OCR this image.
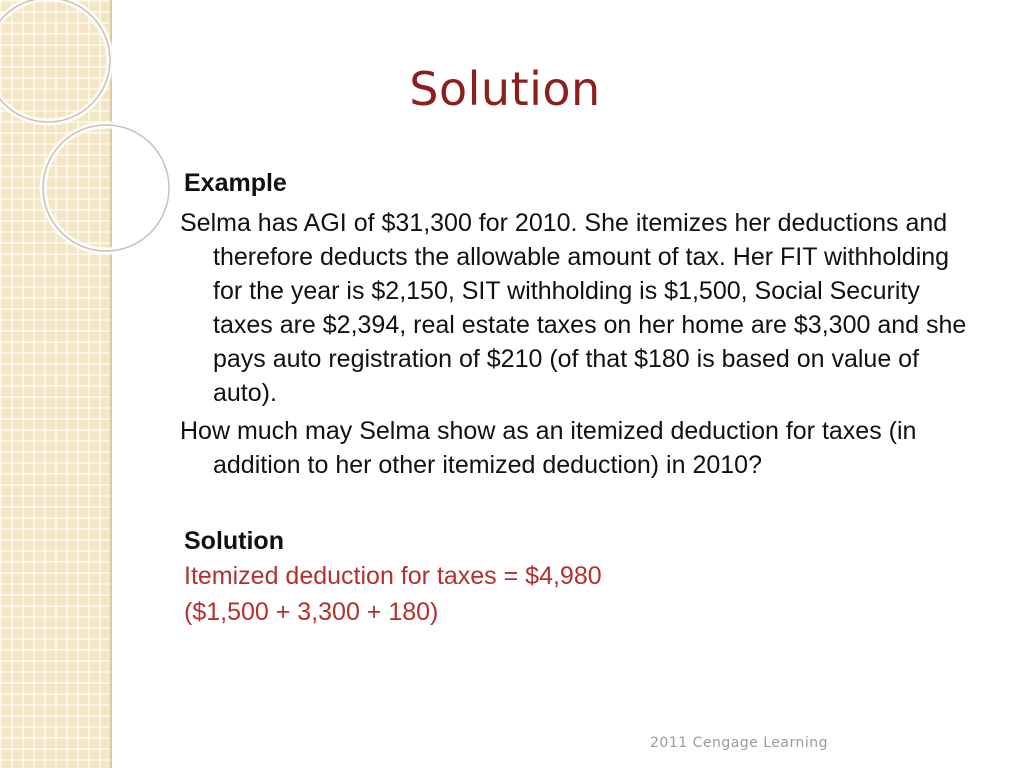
Solution
Example

Selma has AGI of $31,300 for 2010. She itemizes her deductions and therefore deducts the allowable amount of tax. Her FIT withholding for the year is $2,150, SIT withholding is $1,500, Social Security taxes are $2,394, real estate taxes on her home are $3,300 and she pays auto registration of $210 (of that $180 is based on value of auto).

How much may Selma show as an itemized deduction for taxes (in addition to her other itemized deduction) in 2010?

Solution
Itemized deduction for taxes = $4,980
($1,500 + 3,300 + 180)
2011 Cengage Learning
